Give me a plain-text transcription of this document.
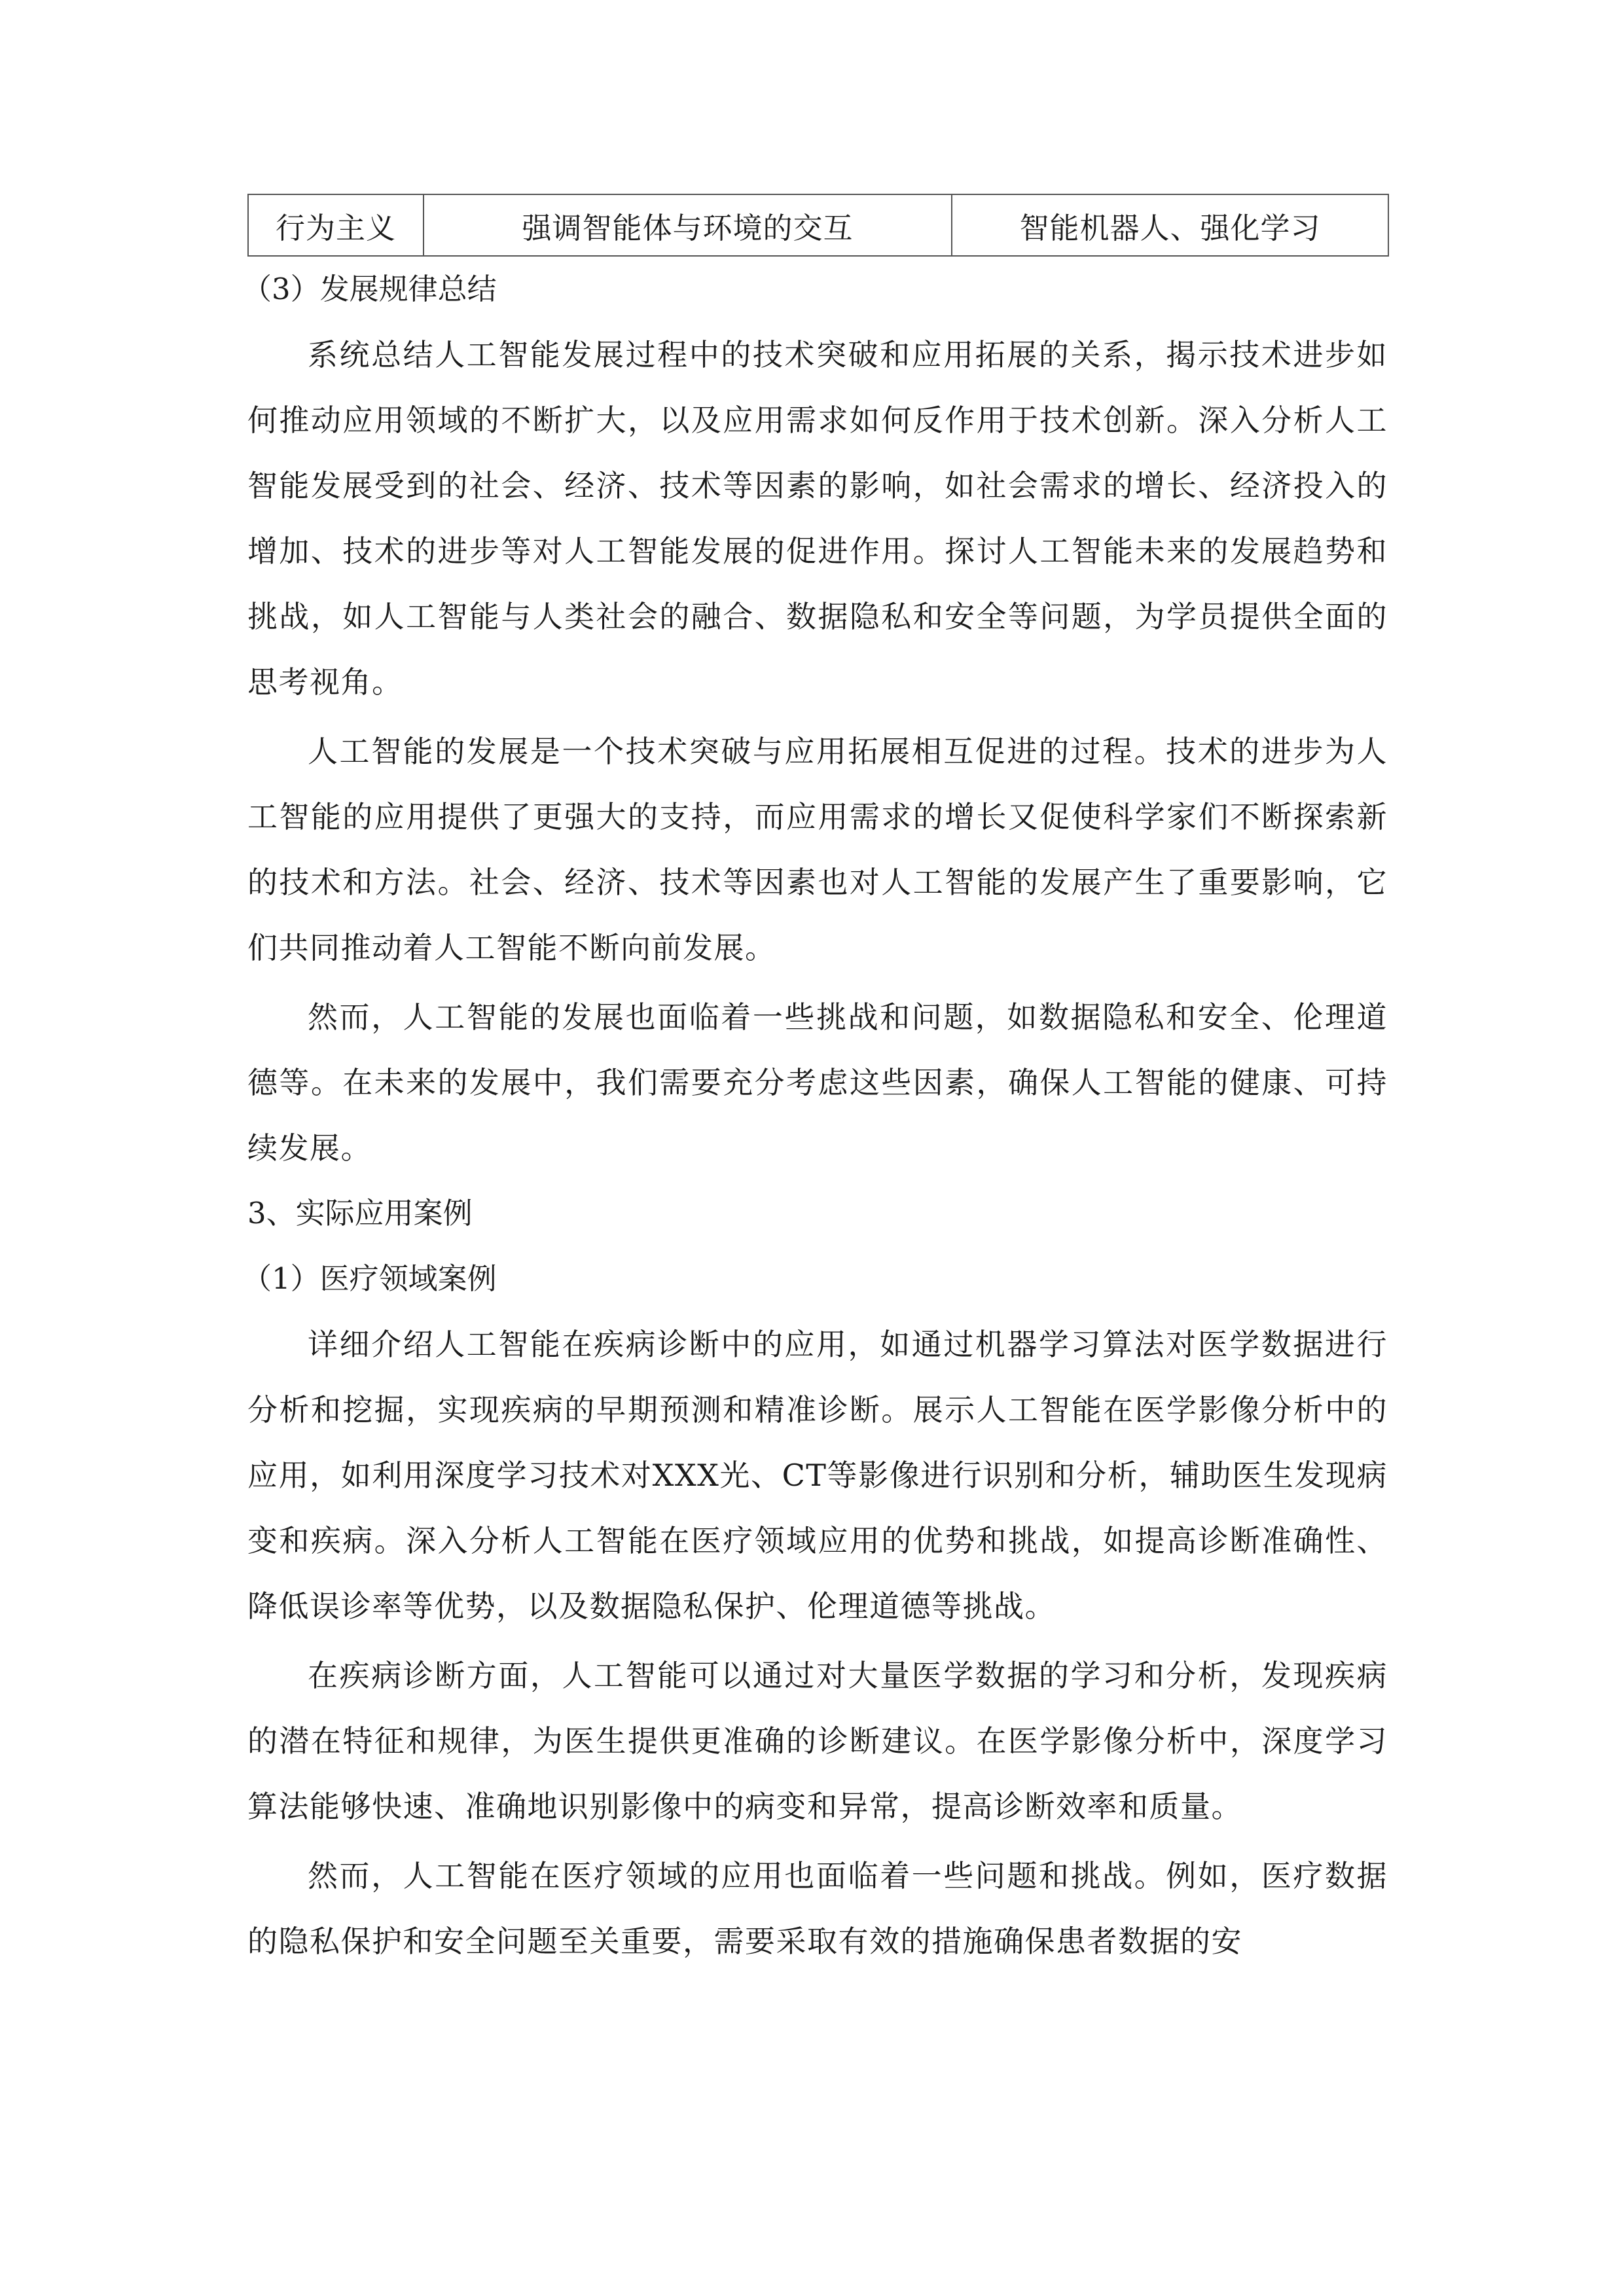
行为主义	强调智能体与环境的交互	智能机器人、强化学习
（3）发展规律总结

系统总结人工智能发展过程中的技术突破和应用拓展的关系，揭示技术进步如何推动应用领域的不断扩大，以及应用需求如何反作用于技术创新。深入分析人工智能发展受到的社会、经济、技术等因素的影响，如社会需求的增长、经济投入的增加、技术的进步等对人工智能发展的促进作用。探讨人工智能未来的发展趋势和挑战，如人工智能与人类社会的融合、数据隐私和安全等问题，为学员提供全面的思考视角。

人工智能的发展是一个技术突破与应用拓展相互促进的过程。技术的进步为人工智能的应用提供了更强大的支持，而应用需求的增长又促使科学家们不断探索新的技术和方法。社会、经济、技术等因素也对人工智能的发展产生了重要影响，它们共同推动着人工智能不断向前发展。

然而，人工智能的发展也面临着一些挑战和问题，如数据隐私和安全、伦理道德等。在未来的发展中，我们需要充分考虑这些因素，确保人工智能的健康、可持续发展。

3、实际应用案例
（1）医疗领域案例

详细介绍人工智能在疾病诊断中的应用，如通过机器学习算法对医学数据进行分析和挖掘，实现疾病的早期预测和精准诊断。展示人工智能在医学影像分析中的应用，如利用深度学习技术对XXX光、CT等影像进行识别和分析，辅助医生发现病变和疾病。深入分析人工智能在医疗领域应用的优势和挑战，如提高诊断准确性、降低误诊率等优势，以及数据隐私保护、伦理道德等挑战。

在疾病诊断方面，人工智能可以通过对大量医学数据的学习和分析，发现疾病的潜在特征和规律，为医生提供更准确的诊断建议。在医学影像分析中，深度学习算法能够快速、准确地识别影像中的病变和异常，提高诊断效率和质量。

然而，人工智能在医疗领域的应用也面临着一些问题和挑战。例如，医疗数据的隐私保护和安全问题至关重要，需要采取有效的措施确保患者数据的安
